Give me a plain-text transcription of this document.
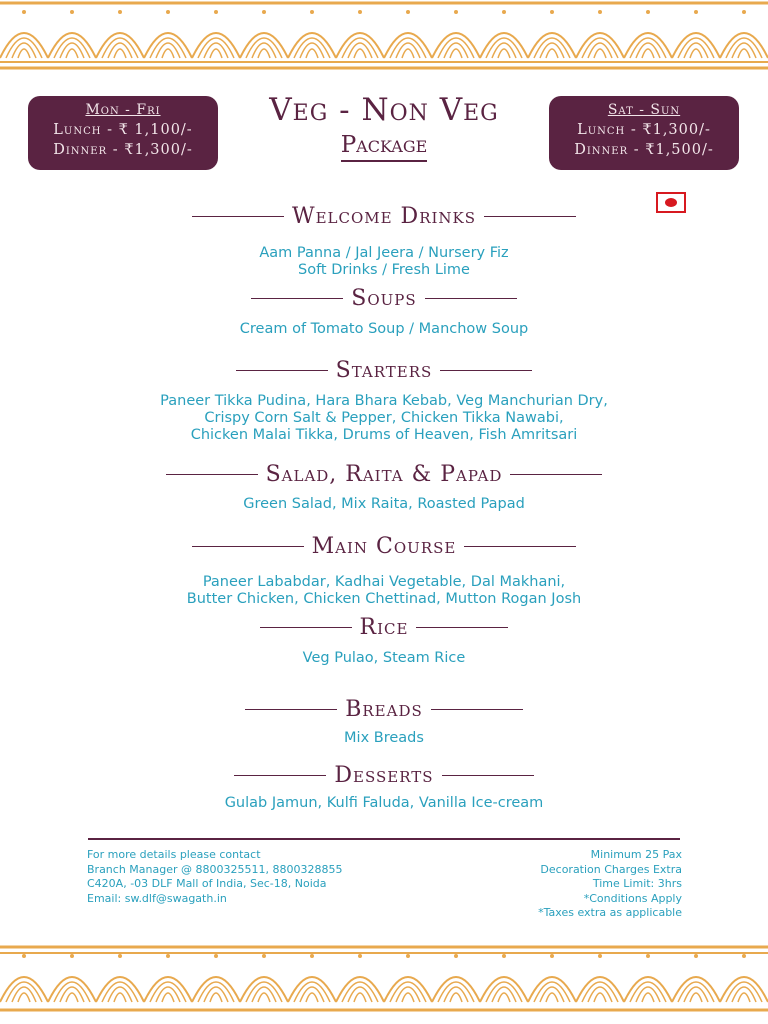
Mon - Fri
Lunch - ₹ 1,100/-
Dinner - ₹1,300/-
Sat - Sun
Lunch - ₹1,300/-
Dinner - ₹1,500/-
Veg - Non Veg
Package
Welcome Drinks
Aam Panna / Jal Jeera / Nursery Fiz
Soft Drinks / Fresh Lime
Soups
Cream of Tomato Soup / Manchow Soup
Starters
Paneer Tikka Pudina, Hara Bhara Kebab, Veg Manchurian Dry,
Crispy Corn Salt & Pepper, Chicken Tikka Nawabi,
Chicken Malai Tikka, Drums of Heaven, Fish Amritsari
Salad, Raita & Papad
Green Salad, Mix Raita, Roasted Papad
Main Course
Paneer Lababdar, Kadhai Vegetable, Dal Makhani,
Butter Chicken, Chicken Chettinad, Mutton Rogan Josh
Rice
Veg Pulao, Steam Rice
Breads
Mix Breads
Desserts
Gulab Jamun, Kulfi Faluda, Vanilla Ice-cream
For more details please contact
Branch Manager @ 8800325511, 8800328855
C420A, -03 DLF Mall of India, Sec-18, Noida
Email: sw.dlf@swagath.in
Minimum 25 Pax
Decoration Charges Extra
Time Limit: 3hrs
*Conditions Apply
*Taxes extra as applicable
